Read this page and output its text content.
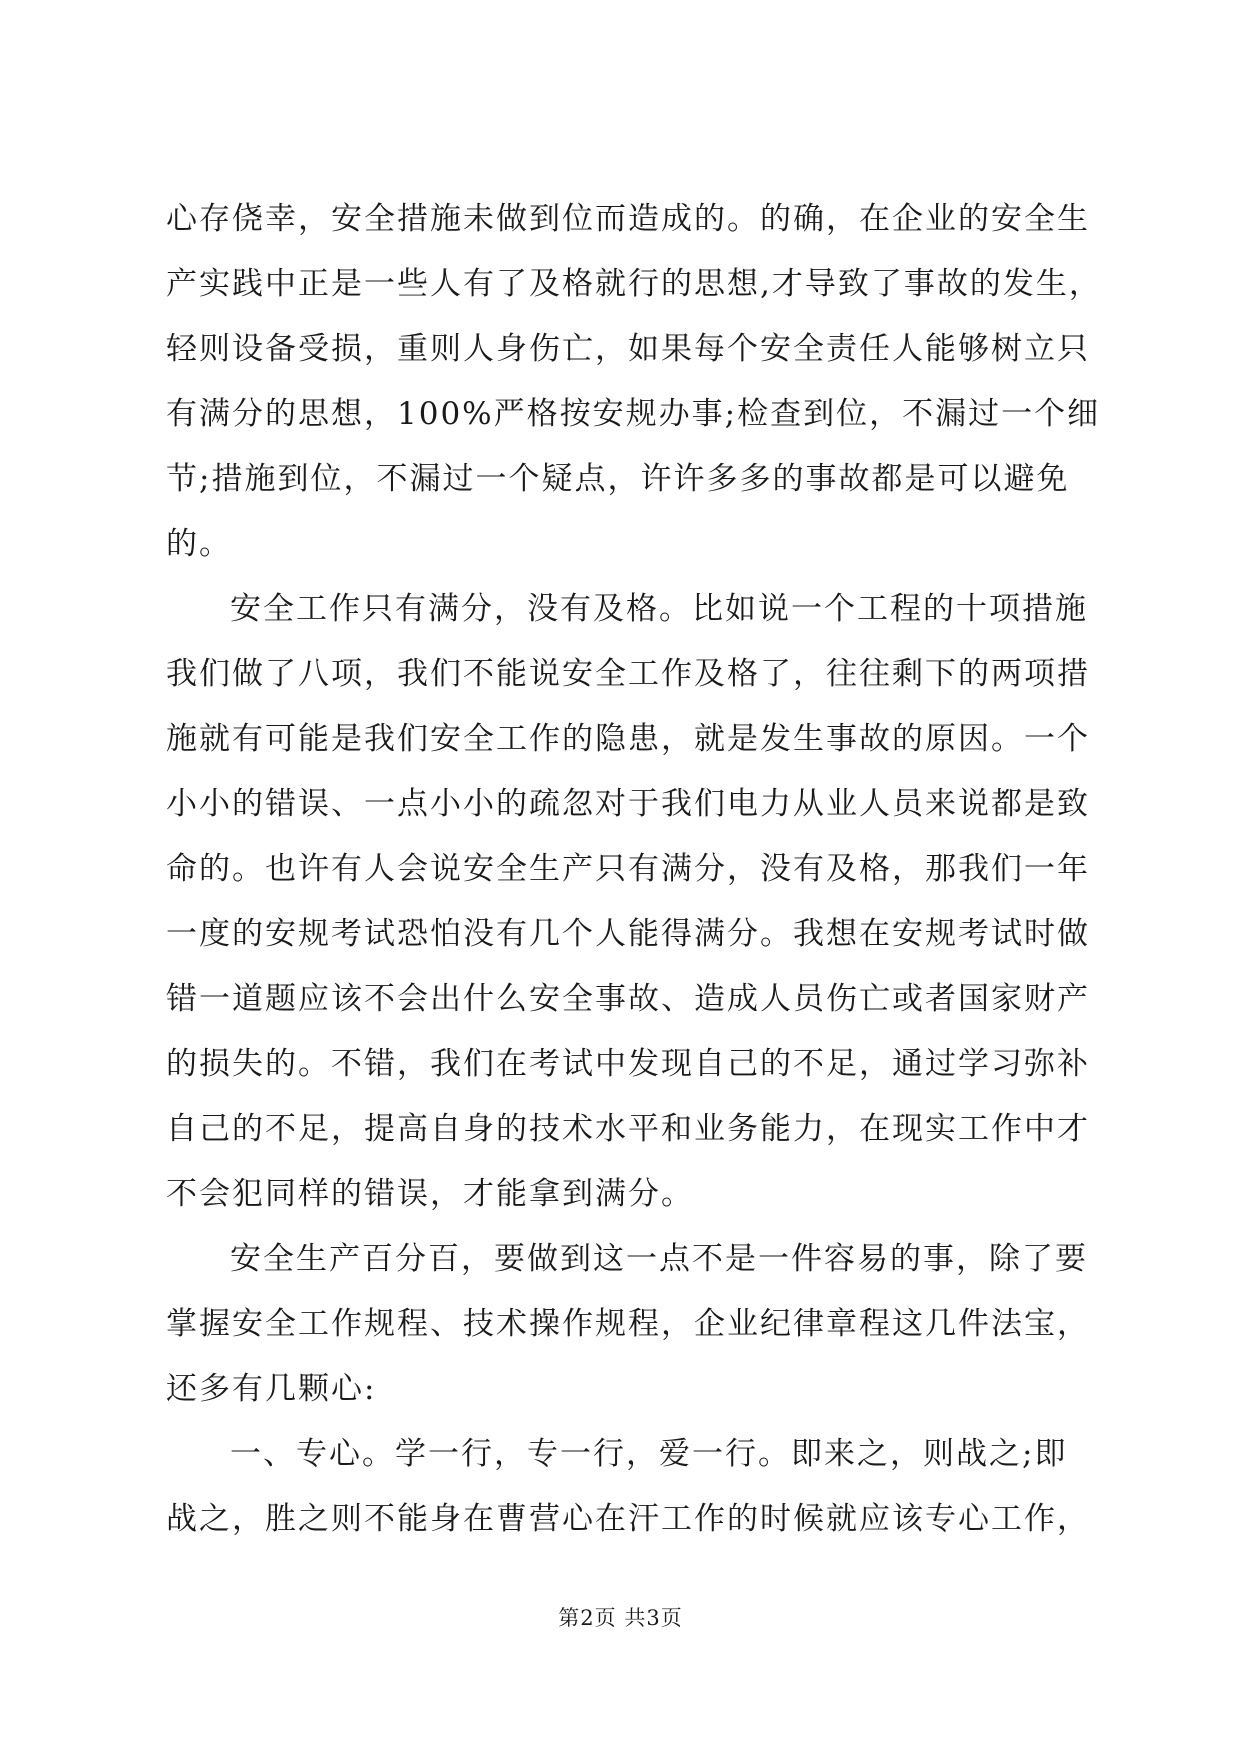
心存侥幸，安全措施未做到位而造成的。的确，在企业的安全生
产实践中正是一些人有了及格就行的思想,才导致了事故的发生，
轻则设备受损，重则人身伤亡，如果每个安全责任人能够树立只
有满分的思想，100%严格按安规办事;检查到位，不漏过一个细
节;措施到位，不漏过一个疑点，许许多多的事故都是可以避免
的。
安全工作只有满分，没有及格。比如说一个工程的十项措施
我们做了八项，我们不能说安全工作及格了，往往剩下的两项措
施就有可能是我们安全工作的隐患，就是发生事故的原因。一个
小小的错误、一点小小的疏忽对于我们电力从业人员来说都是致
命的。也许有人会说安全生产只有满分，没有及格，那我们一年
一度的安规考试恐怕没有几个人能得满分。我想在安规考试时做
错一道题应该不会出什么安全事故、造成人员伤亡或者国家财产
的损失的。不错，我们在考试中发现自己的不足，通过学习弥补
自己的不足，提高自身的技术水平和业务能力，在现实工作中才
不会犯同样的错误，才能拿到满分。
安全生产百分百，要做到这一点不是一件容易的事，除了要
掌握安全工作规程、技术操作规程，企业纪律章程这几件法宝，
还多有几颗心:
一、专心。学一行，专一行，爱一行。即来之，则战之;即
战之，胜之则不能身在曹营心在汗工作的时候就应该专心工作，
第2页 共3页
